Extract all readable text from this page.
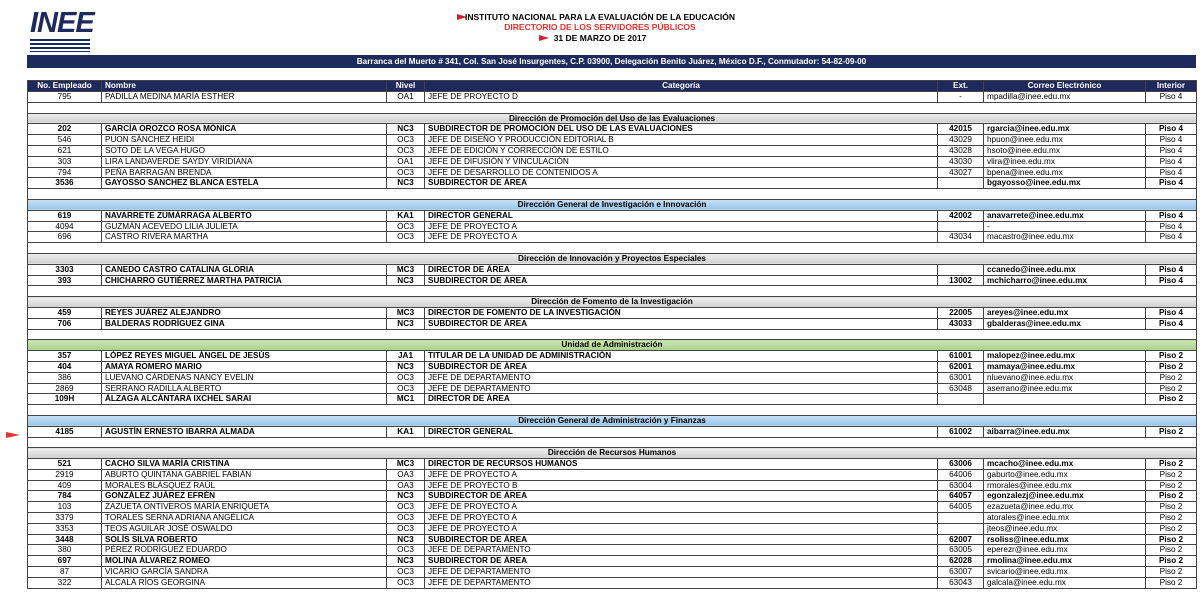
INEE	INSTITUTO NACIONAL PARA LA EVALUACIÓN DE LA EDUCACIÓN
DIRECTORIO DE LOS SERVIDORES PÚBLICOS
31 DE MARZO DE 2017
Barranca del Muerto # 341, Col. San José Insurgentes, C.P. 03900, Delegación Benito Juárez, México D.F., Conmutador: 54-82-09-00
No. Empleado	Nombre	Nivel	Categoría	Ext.	Correo Electrónico	Interior
795	PADILLA MEDINA MARÍA ESTHER	OA1	JEFE DE PROYECTO D	-	mpadilla@inee.edu.mx	Piso 4

Dirección de Promoción del Uso de las Evaluaciones						
202	GARCÍA OROZCO ROSA MÓNICA	NC3	SUBDIRECTOR DE PROMOCIÓN DEL USO DE LAS EVALUACIONES	42015	rgarcia@inee.edu.mx	Piso 4
546	PUON SÁNCHEZ HEIDI	OC3	JEFE DE DISEÑO Y PRODUCCIÓN EDITORIAL B	43029	hpuon@inee.edu.mx	Piso 4
621	SOTO DE LA VEGA HUGO	OC3	JEFE DE EDICIÓN Y CORRECCIÓN DE ESTILO	43028	hsoto@inee.edu.mx	Piso 4
303	LIRA LANDAVERDE SAYDY VIRIDIANA	OA1	JEFE DE DIFUSIÓN Y VINCULACIÓN	43030	vlira@inee.edu.mx	Piso 4
794	PEÑA BARRAGÁN BRENDA	OC3	JEFE DE DESARROLLO DE CONTENIDOS A	43027	bpena@inee.edu.mx	Piso 4
3536	GAYOSSO SÁNCHEZ BLANCA ESTELA	NC3	SUBDIRECTOR DE ÁREA		bgayosso@inee.edu.mx	Piso 4

Dirección General de Investigación e Innovación						
619	NAVARRETE ZUMÁRRAGA ALBERTO	KA1	DIRECTOR GENERAL	42002	anavarrete@inee.edu.mx	Piso 4
4094	GUZMÁN ACEVEDO LILIA JULIETA	OC3	JEFE DE PROYECTO A		-	Piso 4
696	CASTRO RIVERA MARTHA	OC3	JEFE DE PROYECTO A	43034	macastro@inee.edu.mx	Piso 4

Dirección de Innovación y Proyectos Especiales						
3303	CANEDO CASTRO CATALINA GLORIA	MC3	DIRECTOR DE ÁREA		ccanedo@inee.edu.mx	Piso 4
393	CHICHARRO GUTIÉRREZ MARTHA PATRICIA	NC3	SUBDIRECTOR DE ÁREA	13002	mchicharro@inee.edu.mx	Piso 4

Dirección de Fomento de la Investigación						
459	REYES JUÁREZ ALEJANDRO	MC3	DIRECTOR DE FOMENTO DE LA INVESTIGACIÓN	22005	areyes@inee.edu.mx	Piso 4
706	BALDERAS RODRÍGUEZ GINA	NC3	SUBDIRECTOR DE ÁREA	43033	gbalderas@inee.edu.mx	Piso 4

Unidad de Administración						
357	LÓPEZ REYES MIGUEL ÁNGEL DE JESÚS	JA1	TITULAR DE LA UNIDAD DE ADMINISTRACIÓN	61001	malopez@inee.edu.mx	Piso 2
404	AMAYA ROMERO MARIO	NC3	SUBDIRECTOR DE ÁREA	62001	mamaya@inee.edu.mx	Piso 2
386	LUEVANO CÁRDENAS NANCY EVELIN	OC3	JEFE DE DEPARTAMENTO	63001	nluevano@inee.edu.mx	Piso 2
2869	SERRANO RADILLA ALBERTO	OC3	JEFE DE DEPARTAMENTO	63048	aserrano@inee.edu.mx	Piso 2
109H	ÁLZAGA ALCÁNTARA IXCHEL SARAI	MC1	DIRECTOR DE ÁREA			Piso 2

Dirección General de Administración y Finanzas						
4185	AGUSTÍN ERNESTO IBARRA ALMADA	KA1	DIRECTOR GENERAL	61002	aibarra@inee.edu.mx	Piso 2

Dirección de Recursos Humanos						
521	CACHO SILVA MARÍA CRISTINA	MC3	DIRECTOR DE RECURSOS HUMANOS	63006	mcacho@inee.edu.mx	Piso 2
2919	ABURTO QUINTANA GABRIEL FABIÁN	OA3	JEFE DE PROYECTO A	64006	gaburto@inee.edu.mx	Piso 2
409	MORALES BLÁSQUEZ RAÚL	OA3	JEFE DE PROYECTO B	63004	rmorales@inee.edu.mx	Piso 2
784	GONZÁLEZ JUÁREZ EFRÉN	NC3	SUBDIRECTOR DE ÁREA	64057	egonzalezj@inee.edu.mx	Piso 2
103	ZAZUETA ONTIVEROS MARÍA ENRIQUETA	OC3	JEFE DE PROYECTO A	64005	ezazueta@inee.edu.mx	Piso 2
3379	TORALES SERNA ADRIANA ANGÉLICA	OC3	JEFE DE PROYECTO A		atorales@inee.edu.mx	Piso 2
3353	TEOS AGUILAR JOSÉ OSWALDO	OC3	JEFE DE PROYECTO A		jteos@inee.edu.mx	Piso 2
3448	SOLÍS SILVA ROBERTO	NC3	SUBDIRECTOR DE ÁREA	62007	rsoliss@inee.edu.mx	Piso 2
380	PÉREZ RODRÍGUEZ EDUARDO	OC3	JEFE DE DEPARTAMENTO	63005	eperezr@inee.edu.mx	Piso 2
697	MOLINA ÁLVAREZ ROMEO	NC3	SUBDIRECTOR DE ÁREA	62028	rmolina@inee.edu.mx	Piso 2
87	VICARIO GARCÍA SANDRA	OC3	JEFE DE DEPARTAMENTO	63007	svicario@inee.edu.mx	Piso 2
322	ALCALÁ RÍOS GEORGINA	OC3	JEFE DE DEPARTAMENTO	63043	galcala@inee.edu.mx	Piso 2
